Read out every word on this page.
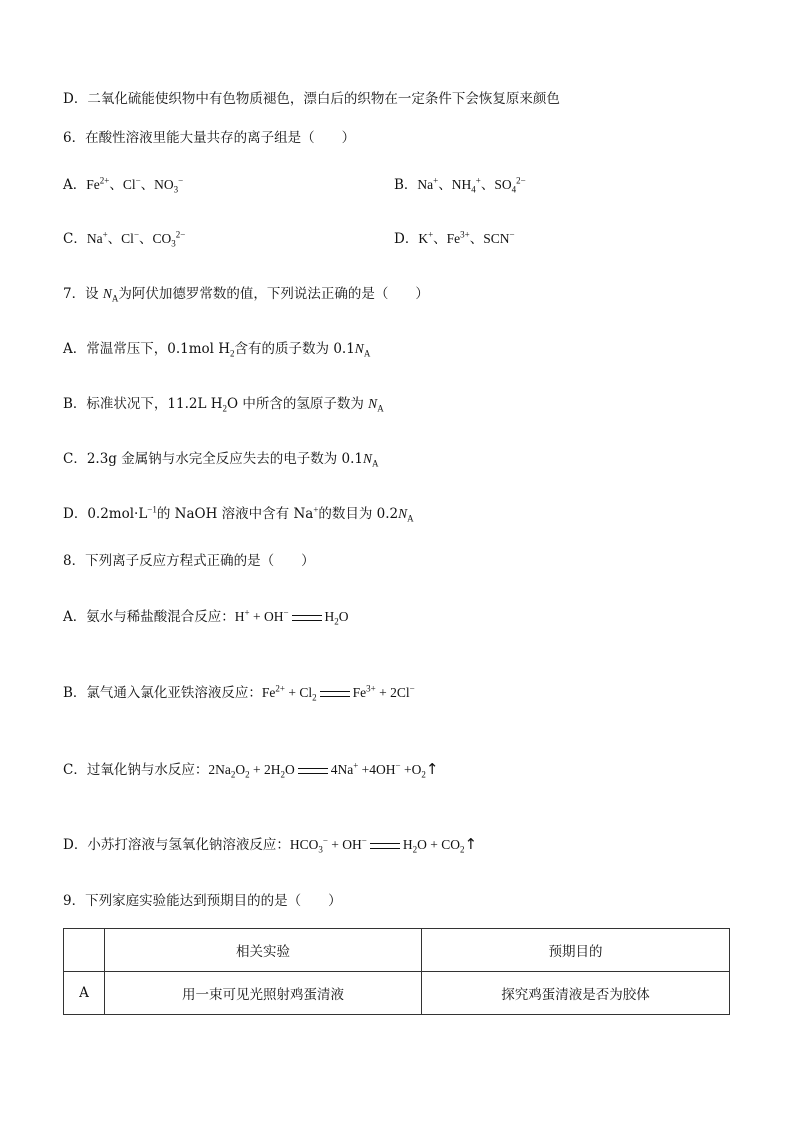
D．二氧化硫能使织物中有色物质褪色，漂白后的织物在一定条件下会恢复原来颜色
6．在酸性溶液里能大量共存的离子组是（　　）
A．$Fe^{2+}$、Cl−、$NO_3^-$	B．Na+、$NH_4^+$、$SO_4^{2-}$
C．Na+、Cl−、$CO_3^{2-}$	D．K+、$Fe^{3+}$、SCN−
7．设 $N_A$为阿伏加德罗常数的值，下列说法正确的是（　　）
A．常温常压下，0.1mol $H_2$含有的质子数为 $0.1N_A$
B．标准状况下，11.2L $H_2O$ 中所含的氢原子数为 $N_A$
C．2.3g 金属钠与水完全反应失去的电子数为 $0.1N_A$
D．$0.2mol\cdot L^{-1}$的 NaOH 溶液中含有 Na+的数目为 $0.2N_A$
8．下列离子反应方程式正确的是（　　）
A．氨水与稀盐酸混合反应：H+ + OH−	$H_2O$
B．氯气通入氯化亚铁溶液反应：$Fe^{2+} + Cl_2$	$Fe^{3+} + 2Cl^-$
C．过氧化钠与水反应：$2Na_2O_2 + 2H_2O$	$4Na^+ +4OH^- +O_2↑$
D．小苏打溶液与氢氧化钠溶液反应：$HCO_3^- + OH^-$	$H_2O$ + $CO_2↑$
9．下列家庭实验能达到预期目的的是（　　）
	相关实验	预期目的
A	用一束可见光照射鸡蛋清液	探究鸡蛋清液是否为胶体
